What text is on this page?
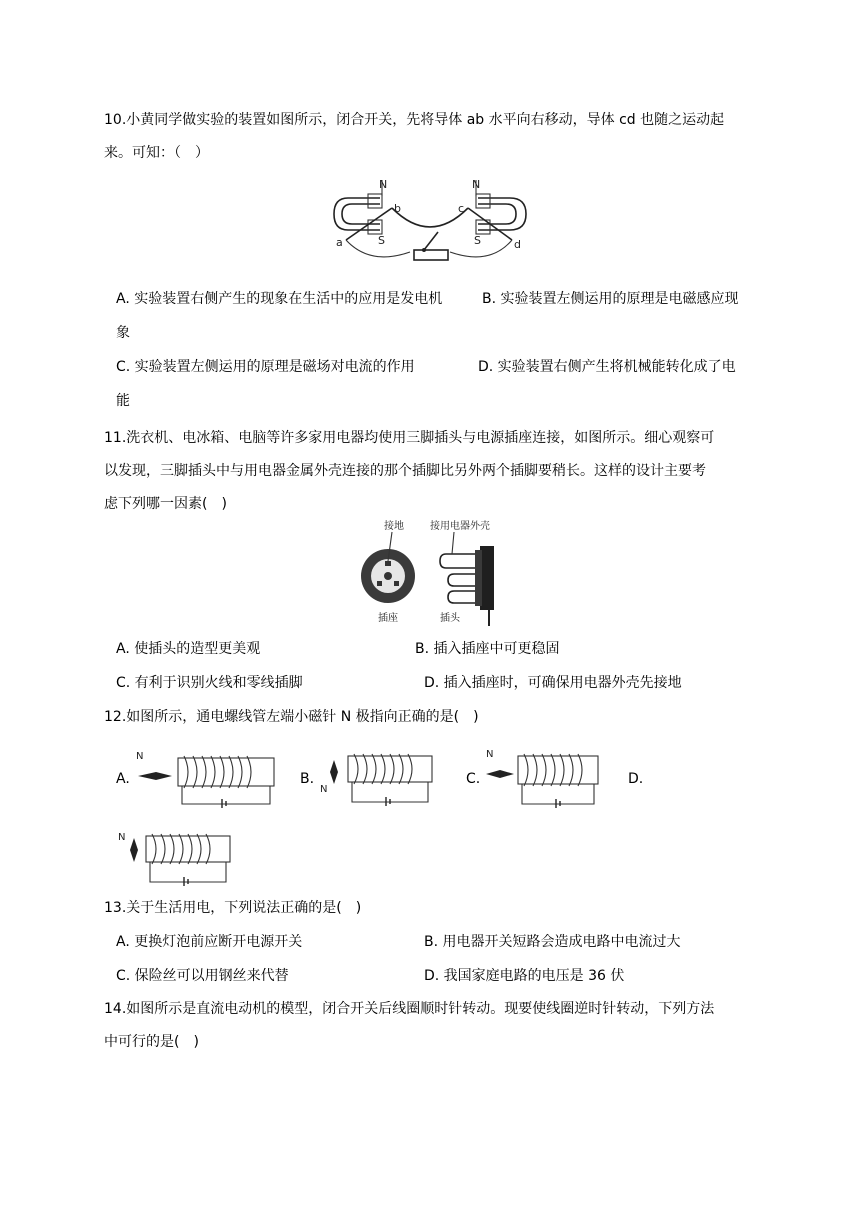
10.小黄同学做实验的装置如图所示，闭合开关，先将导体 ab 水平向右移动，导体 cd 也随之运动起
来。可知：（　）
N
S
a
b
N
S
c
d
A. 实验装置右侧产生的现象在生活中的应用是发电机	B. 实验装置左侧运用的原理是电磁感应现
象
C. 实验装置左侧运用的原理是磁场对电流的作用	D. 实验装置右侧产生将机械能转化成了电
能
11.洗衣机、电冰箱、电脑等许多家用电器均使用三脚插头与电源插座连接，如图所示。细心观察可
以发现，三脚插头中与用电器金属外壳连接的那个插脚比另外两个插脚要稍长。这样的设计主要考
虑下列哪一因素(　)
接地	接用电器外壳
插座	插头
A. 使插头的造型更美观	B. 插入插座中可更稳固
C. 有利于识别火线和零线插脚	D. 插入插座时，可确保用电器外壳先接地
12.如图所示，通电螺线管左端小磁针 N 极指向正确的是(　)
A.
N
B.
N
C.
N
D.
N
13.关于生活用电，下列说法正确的是(　)
A. 更换灯泡前应断开电源开关	B. 用电器开关短路会造成电路中电流过大
C. 保险丝可以用钢丝来代替	D. 我国家庭电路的电压是 36 伏
14.如图所示是直流电动机的模型，闭合开关后线圈顺时针转动。现要使线圈逆时针转动，下列方法
中可行的是(　)
